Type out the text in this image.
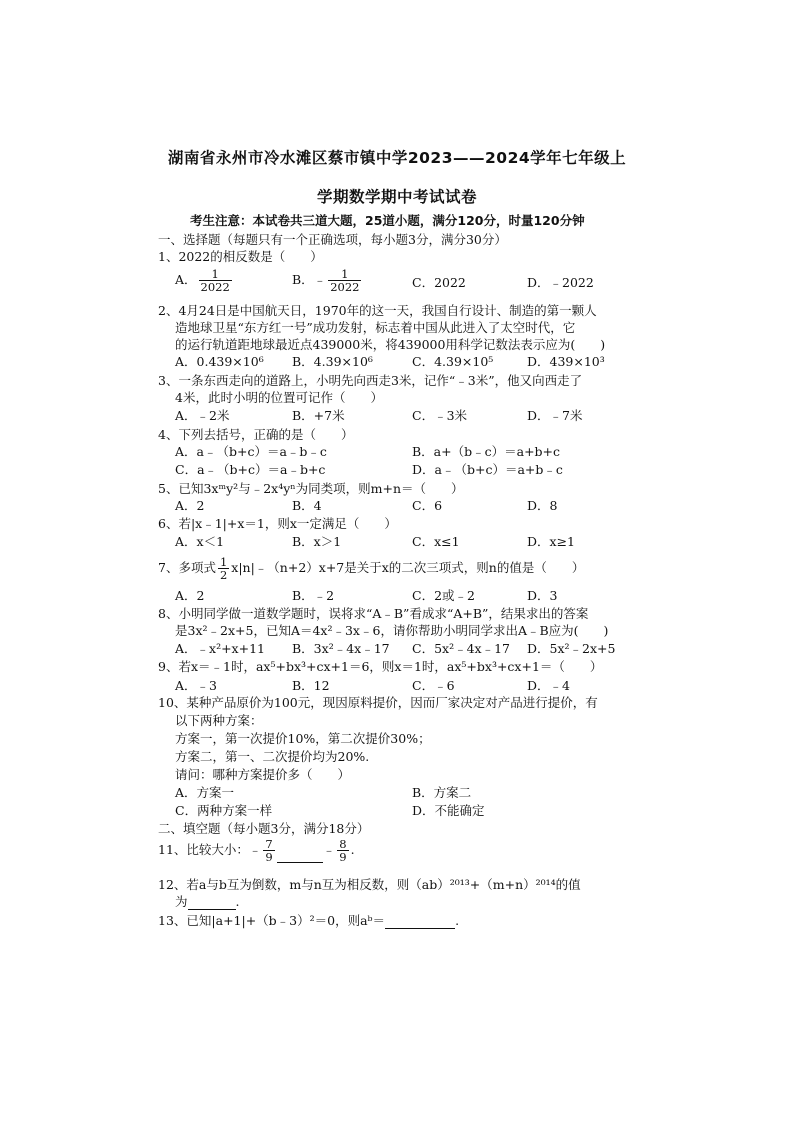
湖南省永州市冷水滩区蔡市镇中学2023——2024学年七年级上
学期数学期中考试试卷
考生注意：本试卷共三道大题，25道小题，满分120分，时量120分钟
一、选择题（每题只有一个正确选项，每小题3分，满分30分）
1、2022的相反数是（　　）
A． $\frac{1}{2022}$	B．﹣ $\frac{1}{2022}$	C．2022	D．﹣2022
2、4月24日是中国航天日，1970年的这一天，我国自行设计、制造的第一颗人
造地球卫星“东方红一号”成功发射，标志着中国从此进入了太空时代，它
的运行轨道距地球最近点439000米，将439000用科学记数法表示应为(　　)
A．0.439×10⁶ B．4.39×10⁶	C．4.39×10⁵	D．439×10³
3、一条东西走向的道路上，小明先向西走3米，记作“﹣3米”，他又向西走了
4米，此时小明的位置可记作（　　）
A．﹣2米	B．+7米	C．﹣3米	D．﹣7米
4、下列去括号，正确的是（　　）
A．a﹣（b+c）＝a﹣b﹣c	B．a+（b﹣c）＝a+b+c
C．a﹣（b+c）＝a﹣b+c	D．a﹣（b+c）＝a+b﹣c
5、已知3xᵐy²与﹣2x⁴yⁿ为同类项，则m+n＝（　　）
A．2	B．4	C．6	D．8
6、若|x﹣1|+x＝1，则x一定满足（　　）
A．x＜1	B．x＞1	C．x≤1	D．x≥1
7、多项式 $\frac{1}{2}$ x|n|﹣（n+2）x+7是关于x的二次三项式，则n的值是（　　）
A．2	B．﹣2	C．2或﹣2	D．3
8、小明同学做一道数学题时，误将求“A﹣B”看成求“A+B”，结果求出的答案
是3x²﹣2x+5，已知A＝4x²﹣3x﹣6，请你帮助小明同学求出A﹣B应为(　　)
A．﹣x²+x+11 B．3x²﹣4x﹣17 C．5x²﹣4x﹣17 D．5x²﹣2x+5
9、若x＝﹣1时，ax⁵+bx³+cx+1＝6，则x＝1时，ax⁵+bx³+cx+1＝（　　）
A．﹣3	B．12	C．﹣6	D．﹣4
10、某种产品原价为100元，现因原料提价，因而厂家决定对产品进行提价，有
以下两种方案：
方案一，第一次提价10%，第二次提价30%；
方案二，第一、二次提价均为20%.
请问：哪种方案提价多（　　）
A．方案一	B．方案二
C．两种方案一样	D．不能确定
二、填空题（每小题3分，满分18分）
11、比较大小：﹣ $\frac{7}{9}$	﹣ $\frac{8}{9}$ .
12、若a与b互为倒数，m与n互为相反数，则（ab）²⁰¹³+（m+n）²⁰¹⁴的值
为	.
13、已知|a+1|+（b﹣3）²＝0，则aᵇ＝	.
